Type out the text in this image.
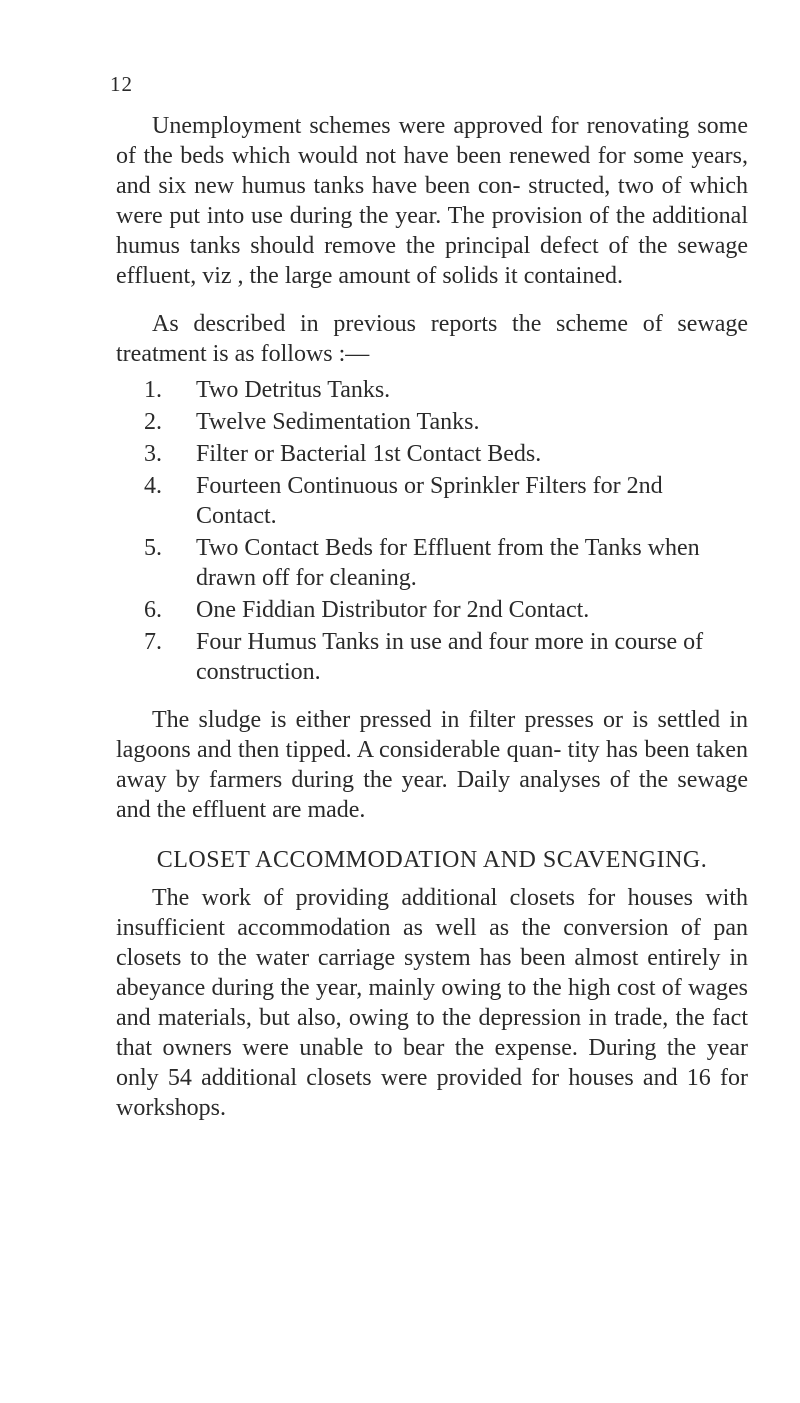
12

Unemployment schemes were approved for renovating some of the beds which would not have been renewed for some years, and six new humus tanks have been con- structed, two of which were put into use during the year. The provision of the additional humus tanks should remove the principal defect of the sewage effluent, viz , the large amount of solids it contained.

As described in previous reports the scheme of sewage treatment is as follows :—

1.	Two Detritus Tanks.
2.	Twelve Sedimentation Tanks.
3.	Filter or Bacterial 1st Contact Beds.
4.	Fourteen Continuous or Sprinkler Filters for 2nd Contact.
5.	Two Contact Beds for Effluent from the Tanks when drawn off for cleaning.
6.	One Fiddian Distributor for 2nd Contact.
7.	Four Humus Tanks in use and four more in course of construction.

The sludge is either pressed in filter presses or is settled in lagoons and then tipped. A considerable quan- tity has been taken away by farmers during the year. Daily analyses of the sewage and the effluent are made.

CLOSET ACCOMMODATION AND SCAVENGING.

The work of providing additional closets for houses with insufficient accommodation as well as the conversion of pan closets to the water carriage system has been almost entirely in abeyance during the year, mainly owing to the high cost of wages and materials, but also, owing to the depression in trade, the fact that owners were unable to bear the expense. During the year only 54 additional closets were provided for houses and 16 for workshops.
